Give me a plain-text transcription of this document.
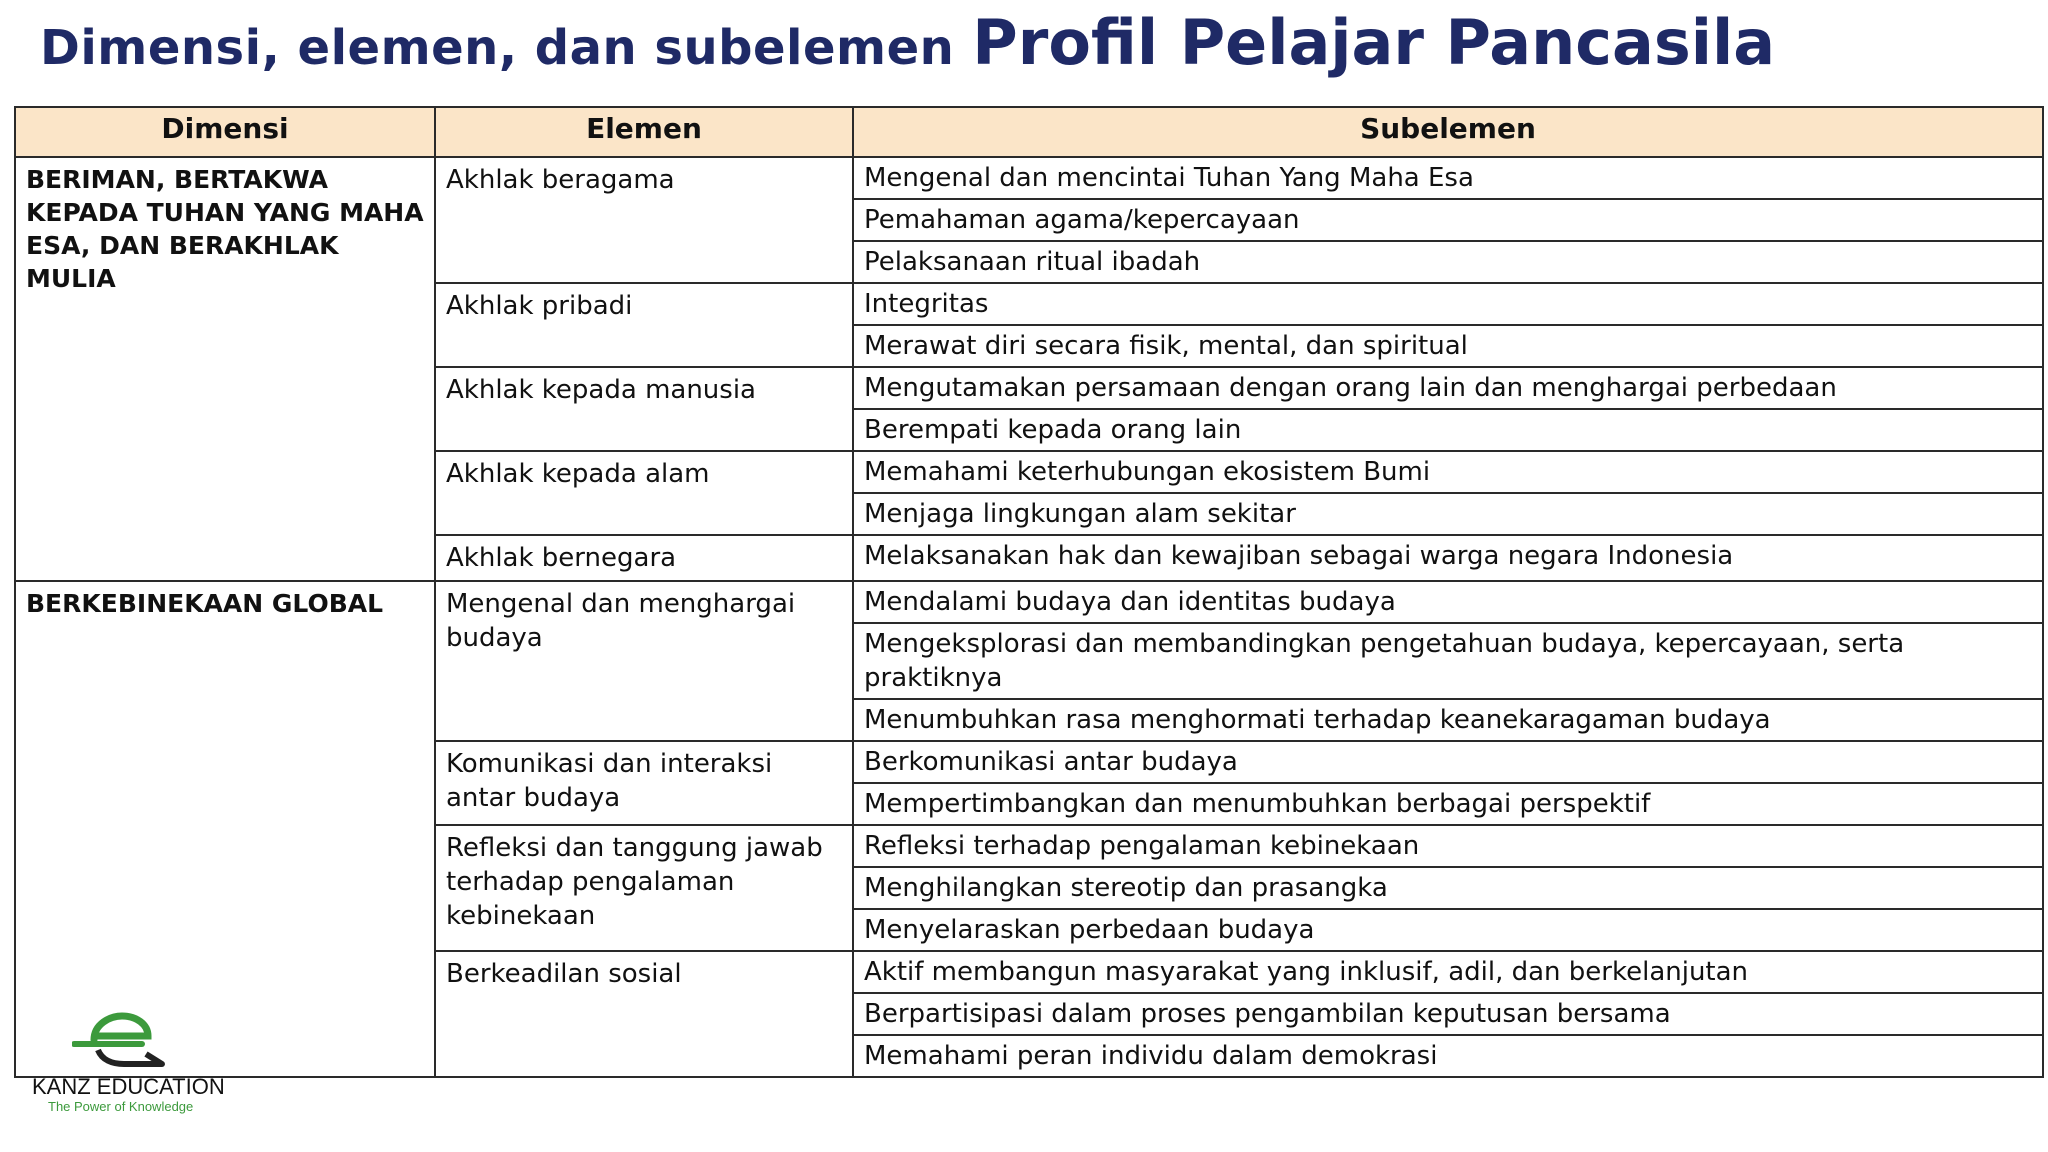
Dimensi, elemen, dan subelemen Profil Pelajar Pancasila
Dimensi	Elemen	Subelemen
BERIMAN, BERTAKWA KEPADA TUHAN YANG MAHA ESA, DAN BERAKHLAK MULIA	Akhlak beragama	Mengenal dan mencintai Tuhan Yang Maha Esa
		Pemahaman agama/kepercayaan
		Pelaksanaan ritual ibadah
	Akhlak pribadi	Integritas
		Merawat diri secara fisik, mental, dan spiritual
	Akhlak kepada manusia	Mengutamakan persamaan dengan orang lain dan menghargai perbedaan
		Berempati kepada orang lain
	Akhlak kepada alam	Memahami keterhubungan ekosistem Bumi
		Menjaga lingkungan alam sekitar
	Akhlak bernegara	Melaksanakan hak dan kewajiban sebagai warga negara Indonesia
BERKEBINEKAAN GLOBAL	Mengenal dan menghargai budaya	Mendalami budaya dan identitas budaya
		Mengeksplorasi dan membandingkan pengetahuan budaya, kepercayaan, serta praktiknya
		Menumbuhkan rasa menghormati terhadap keanekaragaman budaya
	Komunikasi dan interaksi antar budaya	Berkomunikasi antar budaya
		Mempertimbangkan dan menumbuhkan berbagai perspektif
	Refleksi dan tanggung jawab terhadap pengalaman kebinekaan	Refleksi terhadap pengalaman kebinekaan
		Menghilangkan stereotip dan prasangka
		Menyelaraskan perbedaan budaya
	Berkeadilan sosial	Aktif membangun masyarakat yang inklusif, adil, dan berkelanjutan
		Berpartisipasi dalam proses pengambilan keputusan bersama
		Memahami peran individu dalam demokrasi
KANZ EDUCATION
The Power of Knowledge
